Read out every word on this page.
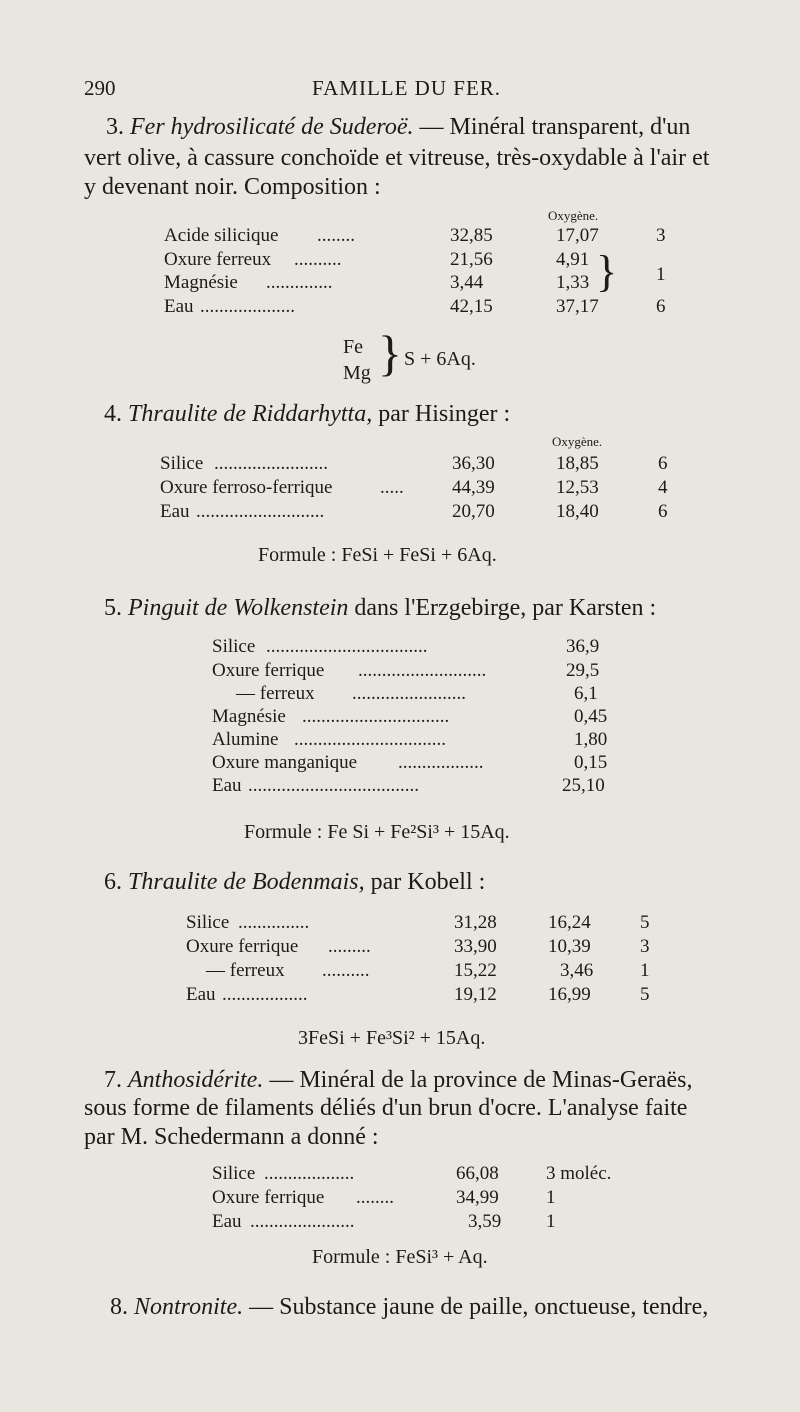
290	FAMILLE DU FER.
3. Fer hydrosilicaté de Suderoë. — Minéral transparent, d'un
vert olive, à cassure conchoïde et vitreuse, très-oxydable à l'air et
y devenant noir. Composition :
Oxygène.
Acide silicique ........	32,85	17,07	3
Oxure ferreux ..........	21,56	4,91
Magnésie ..............	3,44	1,33 } 1
Eau ....................	42,15	37,17	6
Fe
Mg } S + 6Aq.
4. Thraulite de Riddarhytta, par Hisinger :
Oxygène.
Silice ........................	36,30	18,85	6
Oxure ferroso-ferrique	.....	44,39	12,53	4
Eau ...........................	20,70	18,40	6
Formule : FeSi + FeSi + 6Aq.
5. Pinguit de Wolkenstein dans l'Erzgebirge, par Karsten :
Silice ..................................	36,9
Oxure ferrique ...........................	29,5
— ferreux ........................	6,1
Magnésie ...............................	0,45
Alumine ................................	1,80
Oxure manganique ..................	0,15
Eau ....................................	25,10
Formule : Fe Si + Fe²Si³ + 15Aq.
6. Thraulite de Bodenmais, par Kobell :
Silice ...............	31,28	16,24	5
Oxure ferrique .........	33,90	10,39	3
— ferreux ..........	15,22	3,46 1
Eau ..................	19,12	16,99	5
3FeSi + Fe³Si² + 15Aq.
7. Anthosidérite. — Minéral de la province de Minas-Geraës,
sous forme de filaments déliés d'un brun d'ocre. L'analyse faite
par M. Schedermann a donné :
Silice ...................	66,08 3 moléc.
Oxure ferrique ........	34,99 1
Eau ......................	3,59 1
Formule : FeSi³ + Aq.
8. Nontronite. — Substance jaune de paille, onctueuse, tendre,
